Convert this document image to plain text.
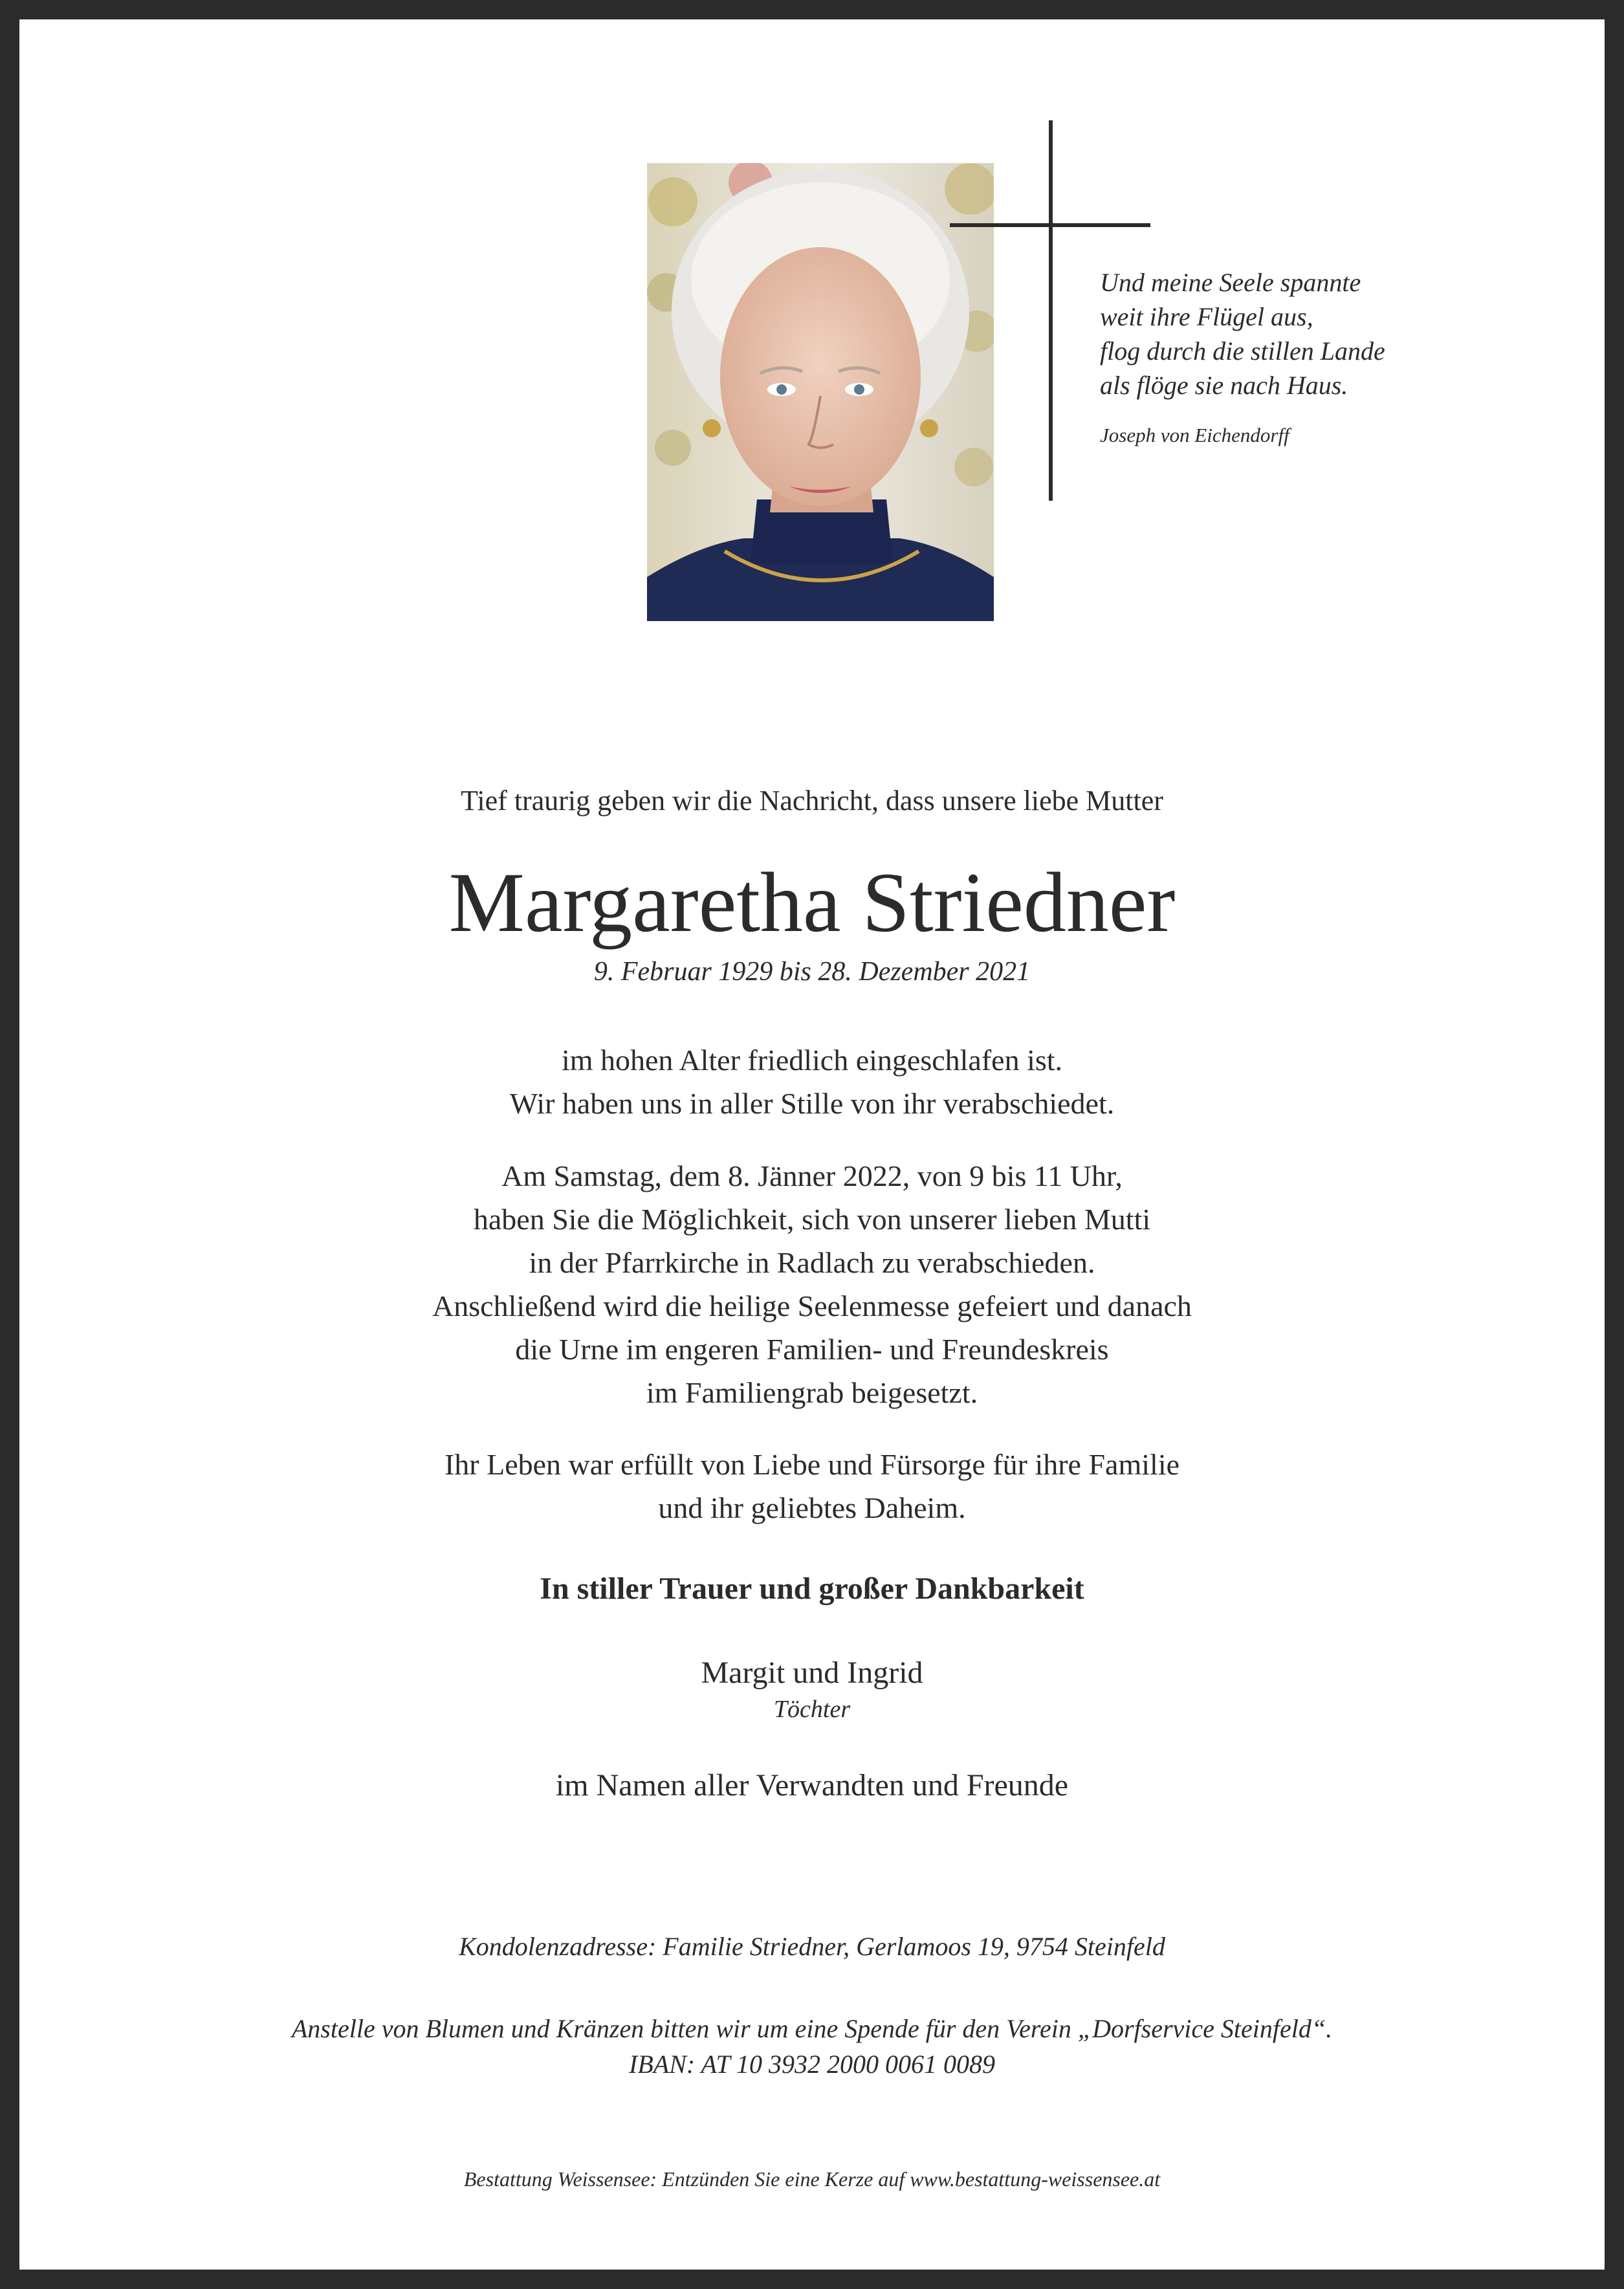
Und meine Seele spannte
weit ihre Flügel aus,
flog durch die stillen Lande
als flöge sie nach Haus.
Joseph von Eichendorff
Tief traurig geben wir die Nachricht, dass unsere liebe Mutter
Margaretha Striedner
9. Februar 1929 bis 28. Dezember 2021
im hohen Alter friedlich eingeschlafen ist.
Wir haben uns in aller Stille von ihr verabschiedet.
Am Samstag, dem 8. Jänner 2022, von 9 bis 11 Uhr,
haben Sie die Möglichkeit, sich von unserer lieben Mutti
in der Pfarrkirche in Radlach zu verabschieden.
Anschließend wird die heilige Seelenmesse gefeiert und danach
die Urne im engeren Familien- und Freundeskreis
im Familiengrab beigesetzt.
Ihr Leben war erfüllt von Liebe und Fürsorge für ihre Familie
und ihr geliebtes Daheim.
In stiller Trauer und großer Dankbarkeit
Margit und Ingrid
Töchter
im Namen aller Verwandten und Freunde
Kondolenzadresse: Familie Striedner, Gerlamoos 19, 9754 Steinfeld
Anstelle von Blumen und Kränzen bitten wir um eine Spende für den Verein „Dorfservice Steinfeld“.
IBAN: AT 10 3932 2000 0061 0089
Bestattung Weissensee: Entzünden Sie eine Kerze auf www.bestattung-weissensee.at
